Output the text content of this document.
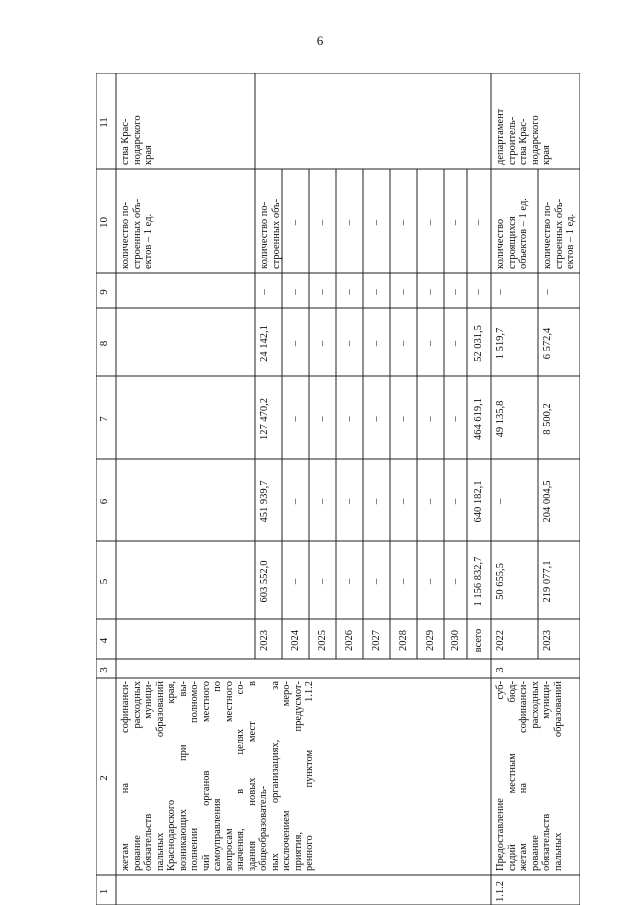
6
1
2
3
4
5
6
7
8
9
10
11
жетам на софинанси-
рование расходных
обязательств муници-
пальных образований
Краснодарского края,
возникающих при вы-
полнении полномо-
чий органов местного
самоуправления по
вопросам местного
значения, в целях со-
здания новых мест в
общеобразователь-
ных организациях, за
исключением меро-
приятия, предусмот-
ренного пунктом 1.1.2
количество по-
строенных объ-
ектов – 1 ед.
ства Крас-
нодарского
края
2023
603 552,0
451 939,7
127 470,2
24 142,1
–
количество по-
строенных объ-

2024
–
–
–
–
–
–
2025
–
–
–
–
–
–
2026
–
–
–
–
–
–
2027
–
–
–
–
–
–
2028
–
–
–
–
–
–
2029
–
–
–
–
–
–
2030
–
–
–
–
–
–
всего
1 156 832,7
640 182,1
464 619,1
52 031,5
–
–
1.1.2
Предоставление суб-
сидий местным бюд-
жетам на софинанси-
рование расходных
обязательств муници-
пальных образований
3
департамент
строитель-
ства Крас-
нодарского
края
2022
50 655,5
–
49 135,8
1 519,7
–
количество
строящихся
объектов – 1 ед.
2023
219 077,1
204 004,5
8 500,2
6 572,4
–
количество по-
строенных объ-
ектов – 1 ед.
